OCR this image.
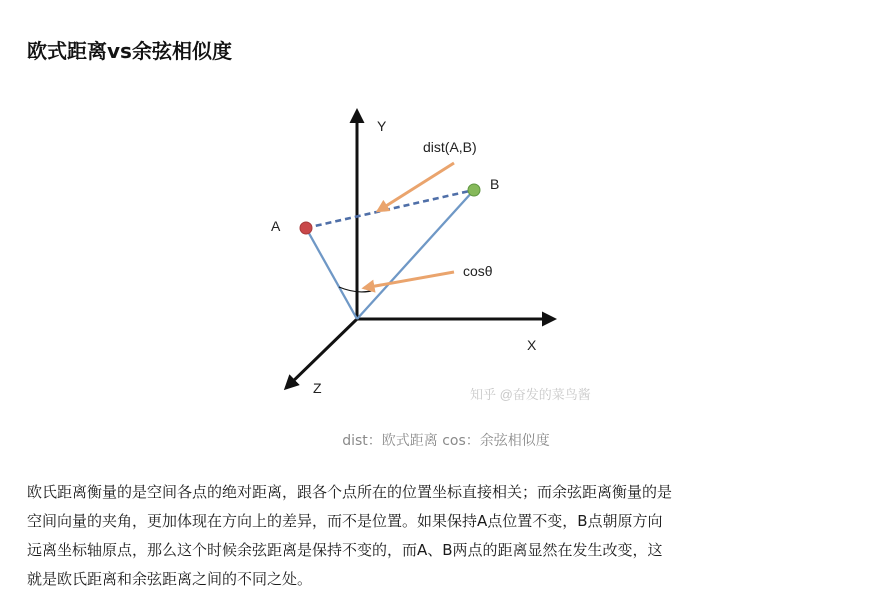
欧式距离vs余弦相似度
Y
X
Z
A
B
dist(A,B)
cosθ
知乎 @奋发的菜鸟酱
dist：欧式距离 cos：余弦相似度
欧氏距离衡量的是空间各点的绝对距离，跟各个点所在的位置坐标直接相关；而余弦距离衡量的是
空间向量的夹角，更加体现在方向上的差异，而不是位置。如果保持A点位置不变，B点朝原方向
远离坐标轴原点，那么这个时候余弦距离是保持不变的，而A、B两点的距离显然在发生改变，这
就是欧氏距离和余弦距离之间的不同之处。
